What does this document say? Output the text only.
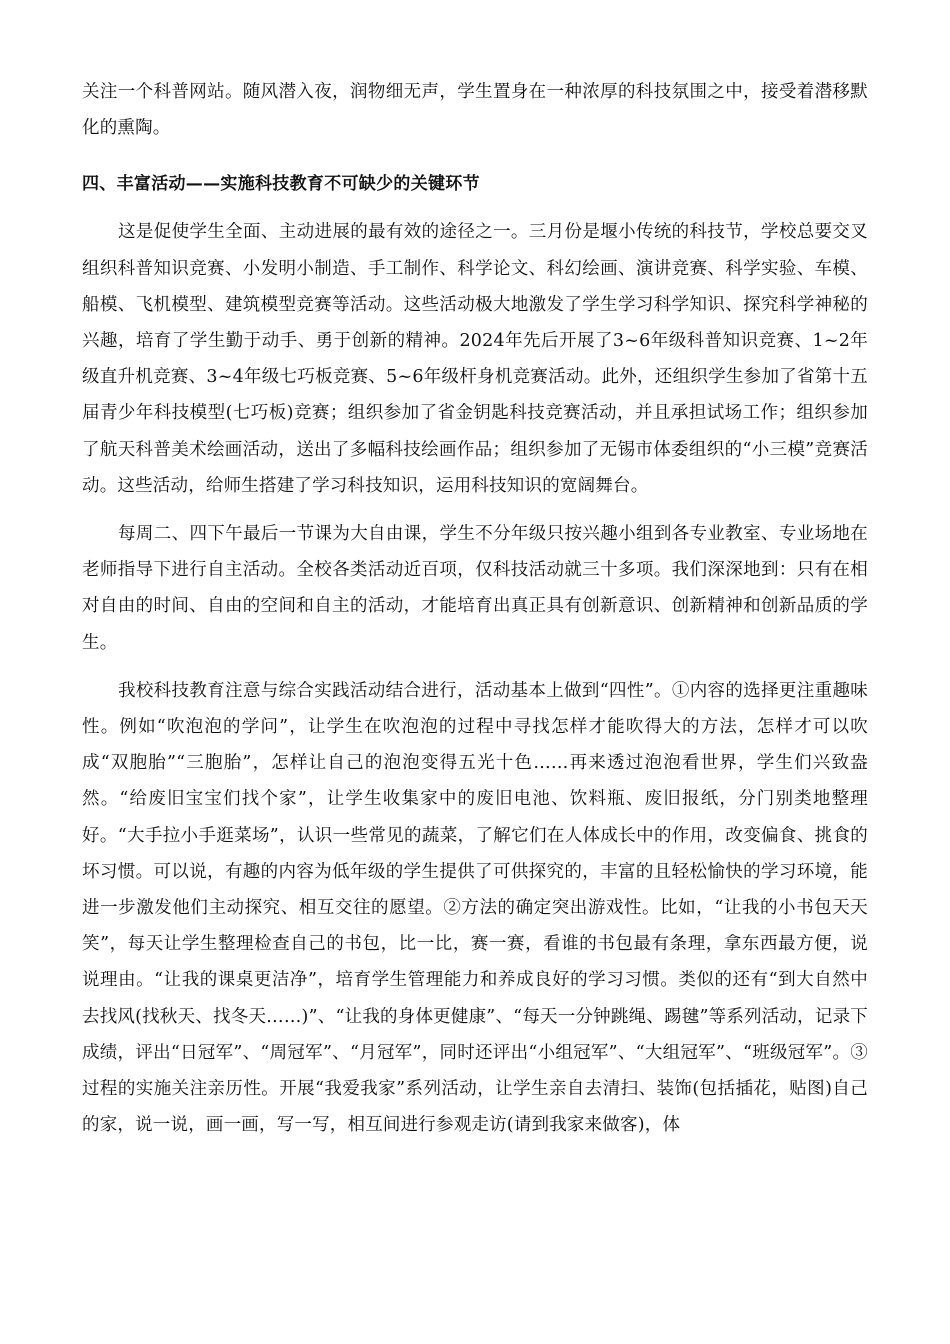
关注一个科普网站。随风潜入夜，润物细无声，学生置身在一种浓厚的科技氛围之中，接受着潜移默化的熏陶。

四、丰富活动——实施科技教育不可缺少的关键环节

这是促使学生全面、主动进展的最有效的途径之一。三月份是堰小传统的科技节，学校总要交叉组织科普知识竞赛、小发明小制造、手工制作、科学论文、科幻绘画、演讲竞赛、科学实验、车模、船模、飞机模型、建筑模型竞赛等活动。这些活动极大地激发了学生学习科学知识、探究科学神秘的兴趣，培育了学生勤于动手、勇于创新的精神。2024年先后开展了3~6年级科普知识竞赛、1~2年级直升机竞赛、3~4年级七巧板竞赛、5~6年级杆身机竞赛活动。此外，还组织学生参加了省第十五届青少年科技模型(七巧板)竞赛；组织参加了省金钥匙科技竞赛活动，并且承担试场工作；组织参加了航天科普美术绘画活动，送出了多幅科技绘画作品；组织参加了无锡市体委组织的“小三模”竞赛活动。这些活动，给师生搭建了学习科技知识，运用科技知识的宽阔舞台。

每周二、四下午最后一节课为大自由课，学生不分年级只按兴趣小组到各专业教室、专业场地在老师指导下进行自主活动。全校各类活动近百项，仅科技活动就三十多项。我们深深地到：只有在相对自由的时间、自由的空间和自主的活动，才能培育出真正具有创新意识、创新精神和创新品质的学生。

我校科技教育注意与综合实践活动结合进行，活动基本上做到“四性”。①内容的选择更注重趣味性。例如“吹泡泡的学问”，让学生在吹泡泡的过程中寻找怎样才能吹得大的方法，怎样才可以吹成“双胞胎”“三胞胎”，怎样让自己的泡泡变得五光十色……再来透过泡泡看世界，学生们兴致盎然。“给废旧宝宝们找个家”，让学生收集家中的废旧电池、饮料瓶、废旧报纸，分门别类地整理好。“大手拉小手逛菜场”，认识一些常见的蔬菜，了解它们在人体成长中的作用，改变偏食、挑食的坏习惯。可以说，有趣的内容为低年级的学生提供了可供探究的，丰富的且轻松愉快的学习环境，能进一步激发他们主动探究、相互交往的愿望。②方法的确定突出游戏性。比如，“让我的小书包天天笑”，每天让学生整理检查自己的书包，比一比，赛一赛，看谁的书包最有条理，拿东西最方便，说说理由。“让我的课桌更洁净”，培育学生管理能力和养成良好的学习习惯。类似的还有“到大自然中去找风(找秋天、找冬天……)”、“让我的身体更健康”、“每天一分钟跳绳、踢毽”等系列活动，记录下成绩，评出“日冠军”、“周冠军”、“月冠军”，同时还评出“小组冠军”、“大组冠军”、“班级冠军”。③过程的实施关注亲历性。开展“我爱我家”系列活动，让学生亲自去清扫、装饰(包括插花，贴图)自己的家，说一说，画一画，写一写，相互间进行参观走访(请到我家来做客)，体
